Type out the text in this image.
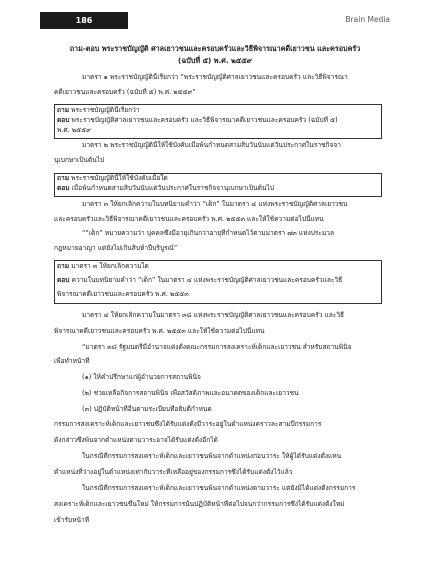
186	Brain Media
ถาม-ตอบ พระราชบัญญัติ ศาลเยาวชนและครอบครัวและวิธีพิจารณาคดีเยาวชน และครอบครัว
(ฉบับที่ ๕) พ.ศ. ๒๕๕๙
มาตรา ๑ พระราชบัญญัตินี้เรียกว่า “พระราชบัญญัติศาลเยาวชนและครอบครัว และวิธีพิจารณา
คดีเยาวชนและครอบครัว (ฉบับที่ ๕) พ.ศ. ๒๕๕๙”
ถาม พระราชบัญญัตินี้เรียกว่า
ตอบ พระราชบัญญัติศาลเยาวชนและครอบครัว และวิธีพิจารณาคดีเยาวชนและครอบครัว (ฉบับที่ ๕)
พ.ศ. ๒๕๕๙
มาตรา ๒ พระราชบัญญัตินี้ให้ใช้บังคับเมื่อพ้นกำหนดสามสิบวันนับแต่วันประกาศในราชกิจจา
นุเบกษาเป็นต้นไป
ถาม พระราชบัญญัตินี้ให้ใช้บังคับเมื่อใด
ตอบ เมื่อพ้นกำหนดสามสิบวันนับแต่วันประกาศในราชกิจจานุเบกษาเป็นต้นไป
มาตรา ๓ ให้ยกเลิกความในบทนิยามคำว่า “เด็ก” ในมาตรา ๔ แห่งพระราชบัญญัติศาลเยาวชน
และครอบครัวและวิธีพิจารณาคดีเยาวชนและครอบครัว พ.ศ. ๒๕๕๓ และให้ใช้ความต่อไปนี้แทน
““เด็ก” หมายความว่า บุคคลซึ่งมีอายุเกินกว่าอายุที่กำหนดไว้ตามมาตรา ๗๓ แห่งประมวล
กฎหมายอาญา แต่ยังไม่เกินสิบห้าปีบริบูรณ์”
ถาม มาตรา ๓ ให้ยกเลิกความใด
ตอบ ความในบทนิยามคำว่า “เด็ก” ในมาตรา ๔ แห่งพระราชบัญญัติศาลเยาวชนและครอบครัวและวิธี
พิจารณาคดีเยาวชนและครอบครัว พ.ศ. ๒๕๕๓
มาตรา ๔ ให้ยกเลิกความในมาตรา ๓๘ แห่งพระราชบัญญัติศาลเยาวชนและครอบครัว และวิธี
พิจารณาคดีเยาวชนและครอบครัว พ.ศ. ๒๕๕๓ และให้ใช้ความต่อไปนี้แทน
“มาตรา ๓๘ รัฐมนตรีมีอำนาจแต่งตั้งคณะกรรมการสงเคราะห์เด็กและเยาวชน สำหรับสถานพินิจ
เพื่อทำหน้าที่
(๑) ให้คำปรึกษาแก่ผู้อำนวยการสถานพินิจ
(๒) ช่วยเหลือกิจการสถานพินิจ เพื่อสวัสดิภาพและอนาคตของเด็กและเยาวชน
(๓) ปฏิบัติหน้าที่อื่นตามระเบียบที่อธิบดีกำหนด
กรรมการสงเคราะห์เด็กและเยาวชนซึ่งได้รับแต่งตั้งมีวาระอยู่ในตำแหน่งคราวละสามปีกรรมการ
ดังกล่าวซึ่งพ้นจากตำแหน่งตามวาระอาจได้รับแต่งตั้งอีกได้
ในกรณีที่กรรมการสงเคราะห์เด็กและเยาวชนพ้นจากตำแหน่งก่อนวาระ ให้ผู้ได้รับแต่งตั้งแทน
ตำแหน่งที่ว่างอยู่ในตำแหน่งเท่ากับวาระที่เหลืออยู่ของกรรมการซึ่งได้รับแต่งตั้งไว้แล้ว
ในกรณีที่กรรมการสงเคราะห์เด็กและเยาวชนพ้นจากตำแหน่งตามวาระ แต่ยังมิได้แต่งตั้งกรรมการ
สงเคราะห์เด็กและเยาวชนขึ้นใหม่ ให้กรรมการนั้นปฏิบัติหน้าที่ต่อไปจนกว่ากรรมการซึ่งได้รับแต่งตั้งใหม่
เข้ารับหน้าที่
